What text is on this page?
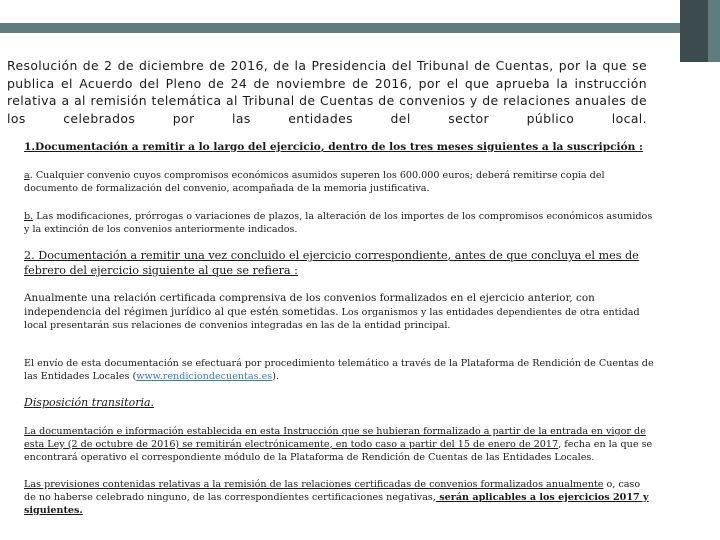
Resolución de 2 de diciembre de 2016, de la Presidencia del Tribunal de Cuentas, por la que se publica el Acuerdo del Pleno de 24 de noviembre de 2016, por el que aprueba la instrucción relativa a al remisión telemática al Tribunal de Cuentas de convenios y de relaciones anuales de los celebrados por las entidades del sector público local.
1.Documentación a remitir a lo largo del ejercicio, dentro de los tres meses siguientes a la suscripción :
a. Cualquier convenio cuyos compromisos económicos asumidos superen los 600.000 euros; deberá remitirse copia del documento de formalización del convenio, acompañada de la memoria justificativa.
b. Las modificaciones, prórrogas o variaciones de plazos, la alteración de los importes de los compromisos económicos asumidos y la extinción de los convenios anteriormente indicados.
2. Documentación a remitir una vez concluido el ejercicio correspondiente, antes de que concluya el mes de febrero del ejercicio siguiente al que se refiera :
Anualmente una relación certificada comprensiva de los convenios formalizados en el ejercicio anterior, con independencia del régimen jurídico al que estén sometidas. Los organismos y las entidades dependientes de otra entidad local presentarán sus relaciones de convenios integradas en las de la entidad principal.
El envío de esta documentación se efectuará por procedimiento telemático a través de la Plataforma de Rendición de Cuentas de las Entidades Locales (www.rendiciondecuentas.es).
Disposición transitoria.
La documentación e información establecida en esta Instrucción que se hubieran formalizado a partir de la entrada en vigor de esta Ley (2 de octubre de 2016) se remitirán electrónicamente, en todo caso a partir del 15 de enero de 2017, fecha en la que se encontrará operativo el correspondiente módulo de la Plataforma de Rendición de Cuentas de las Entidades Locales.
Las previsiones contenidas relativas a la remisión de las relaciones certificadas de convenios formalizados anualmente o, caso de no haberse celebrado ninguno, de las correspondientes certificaciones negativas, serán aplicables a los ejercicios 2017 y siguientes.
